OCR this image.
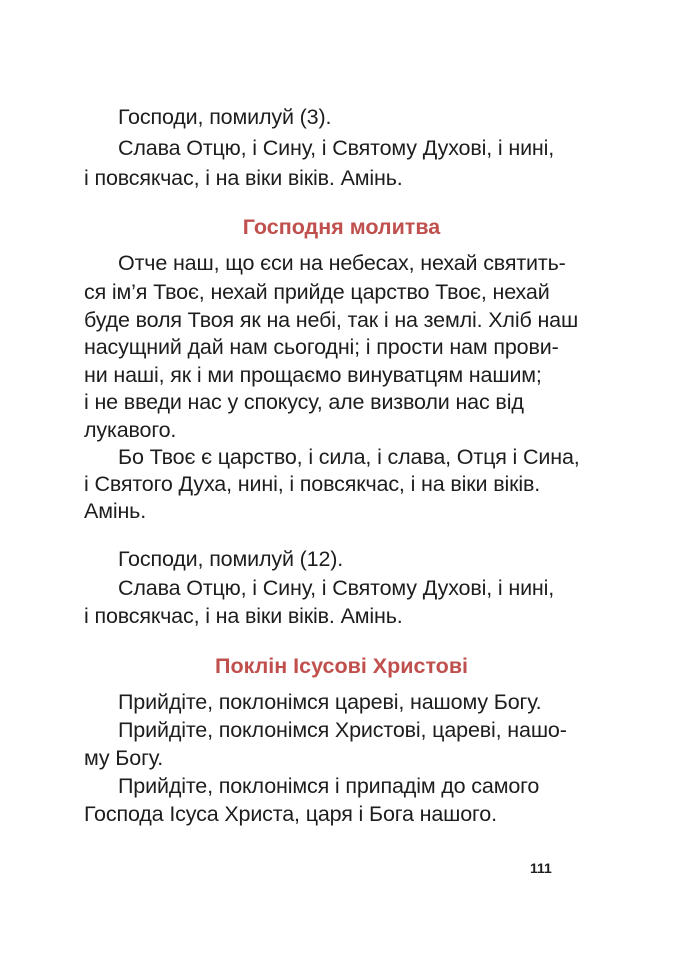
Господи, помилуй (3).
Слава Отцю, і Сину, і Святому Духові, і нині,
і повсякчас, і на віки віків. Амінь.
Господня молитва
Отче наш, що єси на небесах, нехай святить-
ся ім’я Твоє, нехай прийде царство Твоє, нехай
буде воля Твоя як на небі, так і на землі. Хліб наш
насущний дай нам сьогодні; і прости нам прови-
ни наші, як і ми прощаємо винуватцям нашим;
і не введи нас у спокусу, але визволи нас від
лукавого.
Бо Твоє є царство, і сила, і слава, Отця і Сина,
і Святого Духа, нині, і повсякчас, і на віки віків.
Амінь.
Господи, помилуй (12).
Слава Отцю, і Сину, і Святому Духові, і нині,
і повсякчас, і на віки віків. Амінь.
Поклін Ісусові Христові
Прийдіте, поклонімся цареві, нашому Богу.
Прийдіте, поклонімся Христові, цареві, нашо-
му Богу.
Прийдіте, поклонімся і припадім до самого
Господа Ісуса Христа, царя і Бога нашого.
111
